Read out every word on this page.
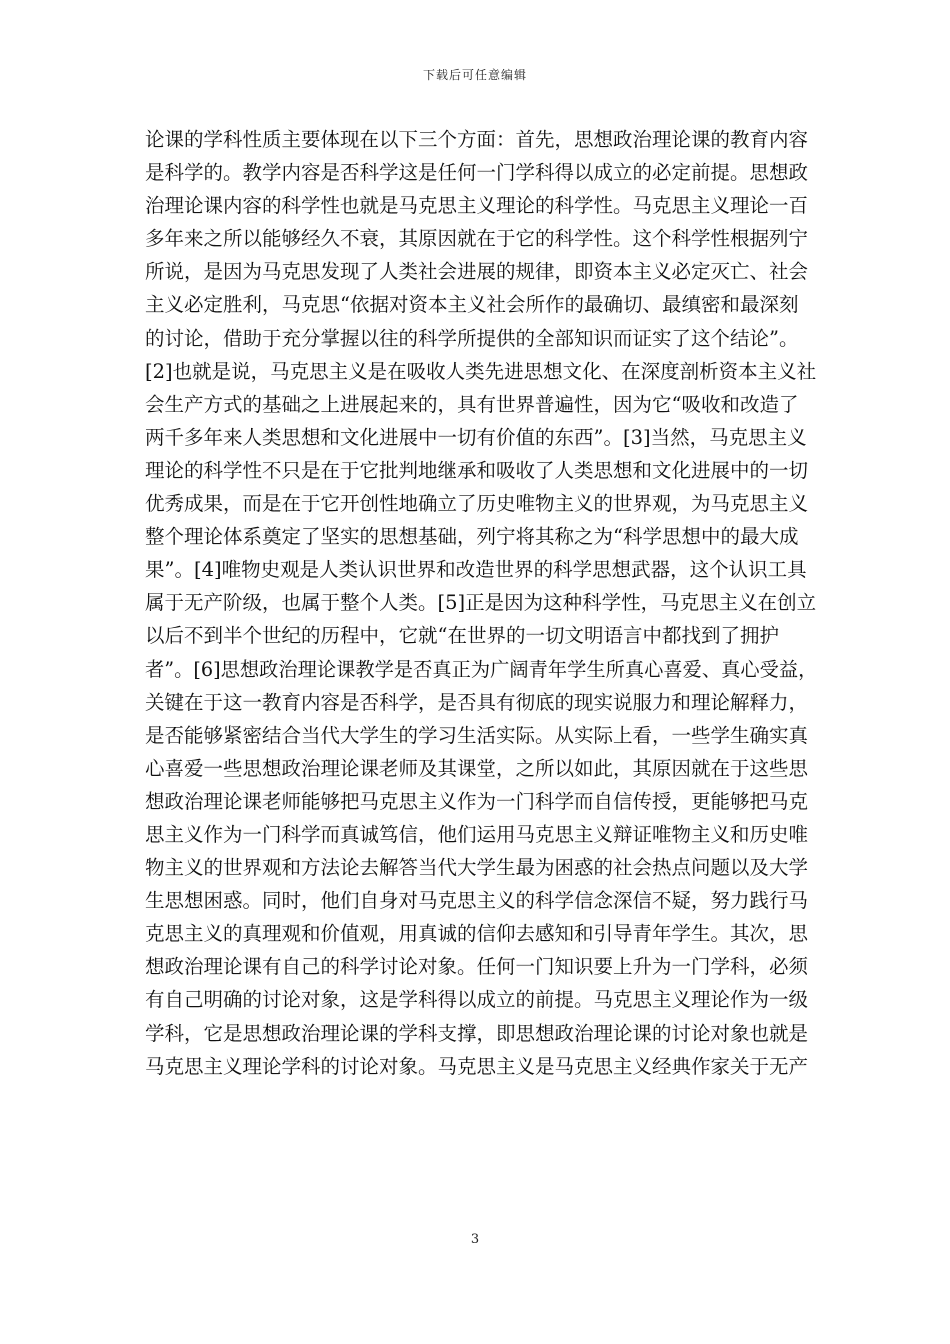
下载后可任意编辑
论课的学科性质主要体现在以下三个方面：首先，思想政治理论课的教育内容
是科学的。教学内容是否科学这是任何一门学科得以成立的必定前提。思想政
治理论课内容的科学性也就是马克思主义理论的科学性。马克思主义理论一百
多年来之所以能够经久不衰，其原因就在于它的科学性。这个科学性根据列宁
所说，是因为马克思发现了人类社会进展的规律，即资本主义必定灭亡、社会
主义必定胜利，马克思“依据对资本主义社会所作的最确切、最缜密和最深刻
的讨论，借助于充分掌握以往的科学所提供的全部知识而证实了这个结论”。
[2]也就是说，马克思主义是在吸收人类先进思想文化、在深度剖析资本主义社
会生产方式的基础之上进展起来的，具有世界普遍性，因为它“吸收和改造了
两千多年来人类思想和文化进展中一切有价值的东西”。[3]当然，马克思主义
理论的科学性不只是在于它批判地继承和吸收了人类思想和文化进展中的一切
优秀成果，而是在于它开创性地确立了历史唯物主义的世界观，为马克思主义
整个理论体系奠定了坚实的思想基础，列宁将其称之为“科学思想中的最大成
果”。[4]唯物史观是人类认识世界和改造世界的科学思想武器，这个认识工具
属于无产阶级，也属于整个人类。[5]正是因为这种科学性，马克思主义在创立
以后不到半个世纪的历程中，它就“在世界的一切文明语言中都找到了拥护
者”。[6]思想政治理论课教学是否真正为广阔青年学生所真心喜爱、真心受益，
关键在于这一教育内容是否科学，是否具有彻底的现实说服力和理论解释力，
是否能够紧密结合当代大学生的学习生活实际。从实际上看，一些学生确实真
心喜爱一些思想政治理论课老师及其课堂，之所以如此，其原因就在于这些思
想政治理论课老师能够把马克思主义作为一门科学而自信传授，更能够把马克
思主义作为一门科学而真诚笃信，他们运用马克思主义辩证唯物主义和历史唯
物主义的世界观和方法论去解答当代大学生最为困惑的社会热点问题以及大学
生思想困惑。同时，他们自身对马克思主义的科学信念深信不疑，努力践行马
克思主义的真理观和价值观，用真诚的信仰去感知和引导青年学生。其次，思
想政治理论课有自己的科学讨论对象。任何一门知识要上升为一门学科，必须
有自己明确的讨论对象，这是学科得以成立的前提。马克思主义理论作为一级
学科，它是思想政治理论课的学科支撑，即思想政治理论课的讨论对象也就是
马克思主义理论学科的讨论对象。马克思主义是马克思主义经典作家关于无产
3
